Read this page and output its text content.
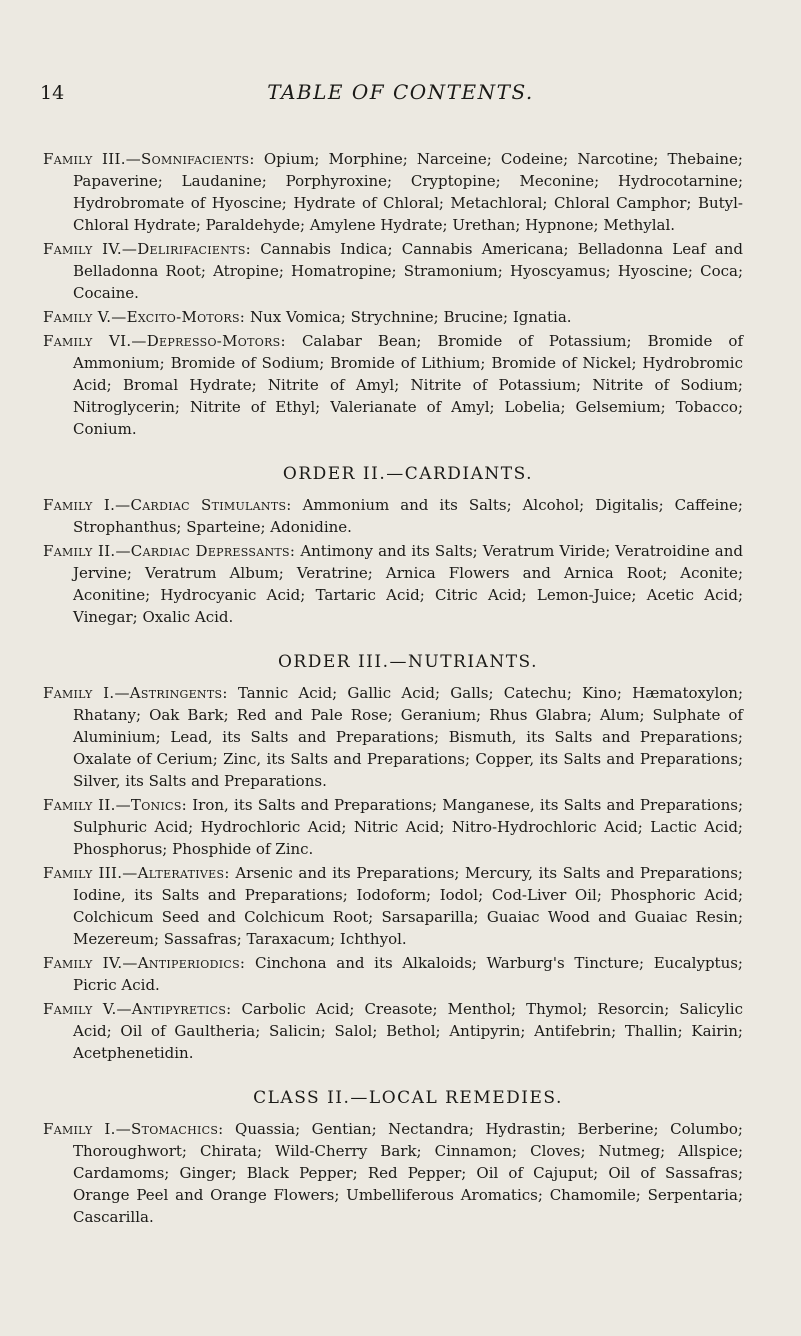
14	TABLE OF CONTENTS.

Family III.—Somnifacients: Opium; Morphine; Narceine; Codeine; Narcotine; Thebaine; Papaverine; Laudanine; Porphyroxine; Cryptopine; Meconine; Hydrocotarnine; Hydrobromate of Hyoscine; Hydrate of Chloral; Metachloral; Chloral Camphor; Butyl-Chloral Hydrate; Paraldehyde; Amylene Hydrate; Urethan; Hypnone; Methylal.

Family IV.—Delirifacients: Cannabis Indica; Cannabis Americana; Belladonna Leaf and Belladonna Root; Atropine; Homatropine; Stramonium; Hyoscyamus; Hyoscine; Coca; Cocaine.

Family V.—Excito-Motors: Nux Vomica; Strychnine; Brucine; Ignatia.

Family VI.—Depresso-Motors: Calabar Bean; Bromide of Potassium; Bromide of Ammonium; Bromide of Sodium; Bromide of Lithium; Bromide of Nickel; Hydrobromic Acid; Bromal Hydrate; Nitrite of Amyl; Nitrite of Potassium; Nitrite of Sodium; Nitroglycerin; Nitrite of Ethyl; Valerianate of Amyl; Lobelia; Gelsemium; Tobacco; Conium.

ORDER II.—CARDIANTS.

Family I.—Cardiac Stimulants: Ammonium and its Salts; Alcohol; Digitalis; Caffeine; Strophanthus; Sparteine; Adonidine.

Family II.—Cardiac Depressants: Antimony and its Salts; Veratrum Viride; Veratroidine and Jervine; Veratrum Album; Veratrine; Arnica Flowers and Arnica Root; Aconite; Aconitine; Hydrocyanic Acid; Tartaric Acid; Citric Acid; Lemon-Juice; Acetic Acid; Vinegar; Oxalic Acid.

ORDER III.—NUTRIANTS.

Family I.—Astringents: Tannic Acid; Gallic Acid; Galls; Catechu; Kino; Hæmatoxylon; Rhatany; Oak Bark; Red and Pale Rose; Geranium; Rhus Glabra; Alum; Sulphate of Aluminium; Lead, its Salts and Preparations; Bismuth, its Salts and Preparations; Oxalate of Cerium; Zinc, its Salts and Preparations; Copper, its Salts and Preparations; Silver, its Salts and Preparations.

Family II.—Tonics: Iron, its Salts and Preparations; Manganese, its Salts and Preparations; Sulphuric Acid; Hydrochloric Acid; Nitric Acid; Nitro-Hydrochloric Acid; Lactic Acid; Phosphorus; Phosphide of Zinc.

Family III.—Alteratives: Arsenic and its Preparations; Mercury, its Salts and Preparations; Iodine, its Salts and Preparations; Iodoform; Iodol; Cod-Liver Oil; Phosphoric Acid; Colchicum Seed and Colchicum Root; Sarsaparilla; Guaiac Wood and Guaiac Resin; Mezereum; Sassafras; Taraxacum; Ichthyol.

Family IV.—Antiperiodics: Cinchona and its Alkaloids; Warburg's Tincture; Eucalyptus; Picric Acid.

Family V.—Antipyretics: Carbolic Acid; Creasote; Menthol; Thymol; Resorcin; Salicylic Acid; Oil of Gaultheria; Salicin; Salol; Bethol; Antipyrin; Antifebrin; Thallin; Kairin; Acetphenetidin.

CLASS II.—LOCAL REMEDIES.

Family I.—Stomachics: Quassia; Gentian; Nectandra; Hydrastin; Berberine; Columbo; Thoroughwort; Chirata; Wild-Cherry Bark; Cinnamon; Cloves; Nutmeg; Allspice; Cardamoms; Ginger; Black Pepper; Red Pepper; Oil of Cajuput; Oil of Sassafras; Orange Peel and Orange Flowers; Umbelliferous Aromatics; Chamomile; Serpentaria; Cascarilla.
